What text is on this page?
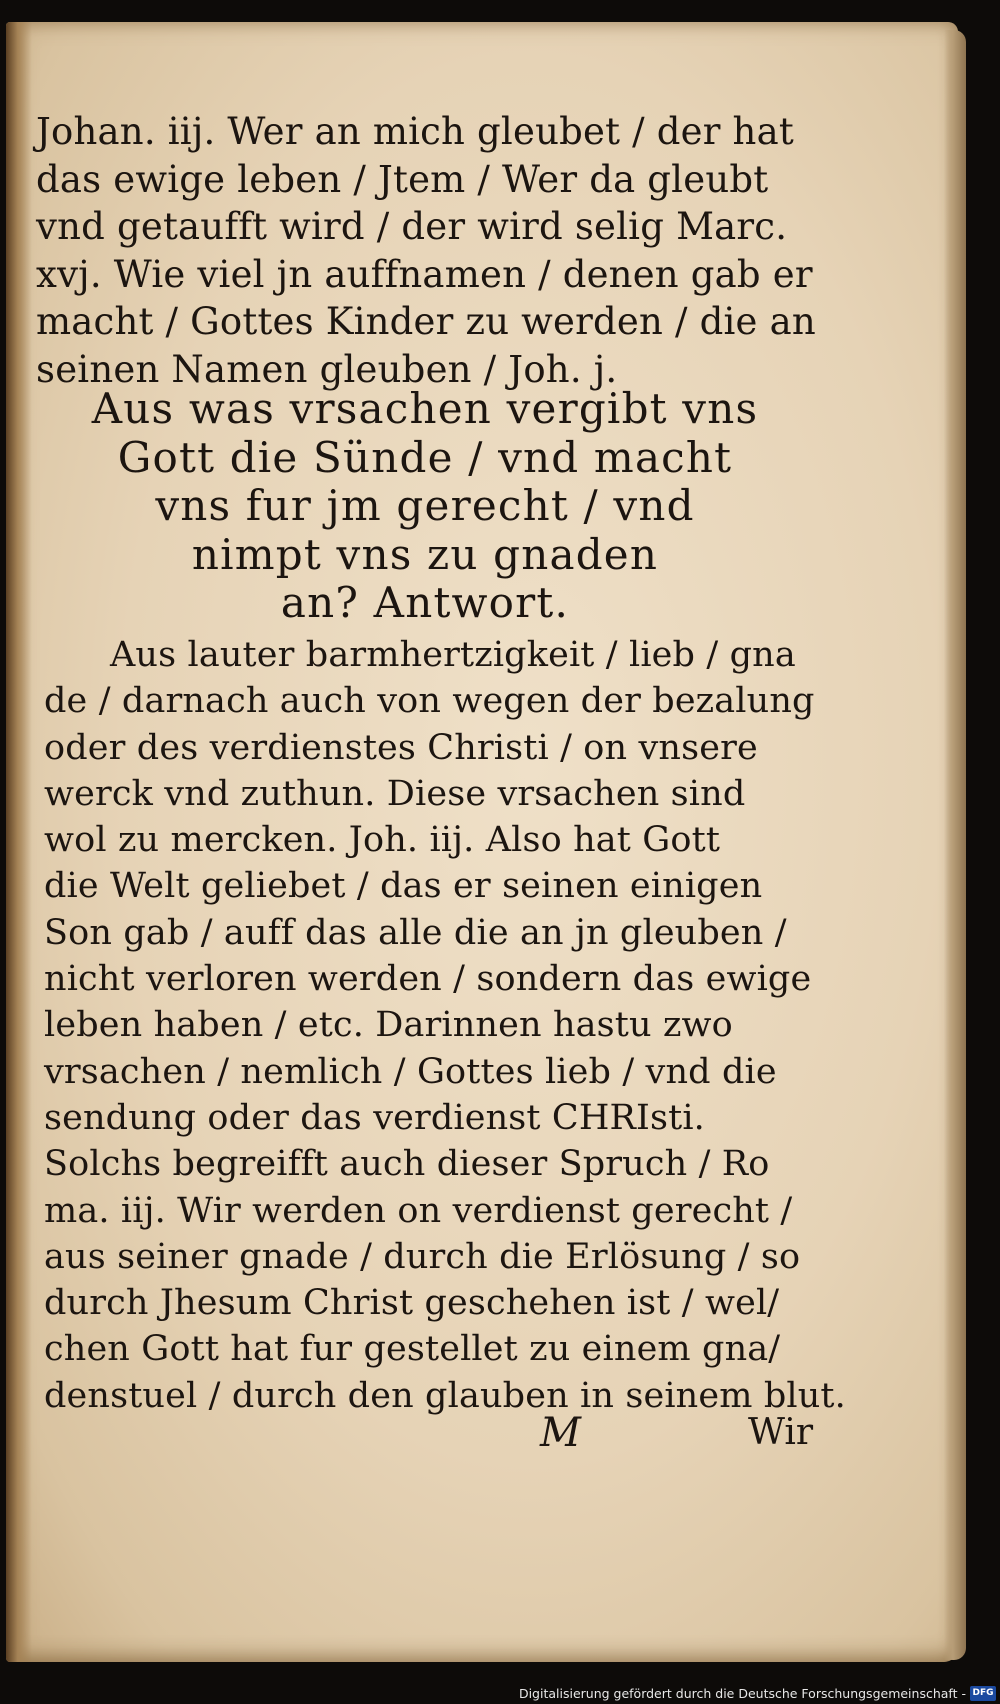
Johan. iij. Wer an mich gleubet / der hat
das ewige leben / Jtem / Wer da gleubt
vnd getaufft wird / der wird selig Marc.
xvj. Wie viel jn auffnamen / denen gab er
macht / Gottes Kinder zu werden / die an
seinen Namen gleuben / Joh. j.
Aus was vrsachen vergibt vns
Gott die Sünde / vnd macht
vns fur jm gerecht / vnd
nimpt vns zu gnaden
an? Antwort.
Aus lauter barmhertzigkeit / lieb / gna
de / darnach auch von wegen der bezalung
oder des verdienstes Christi / on vnsere
werck vnd zuthun. Diese vrsachen sind
wol zu mercken. Joh. iij. Also hat Gott
die Welt geliebet / das er seinen einigen
Son gab / auff das alle die an jn gleuben /
nicht verloren werden / sondern das ewige
leben haben / etc. Darinnen hastu zwo
vrsachen / nemlich / Gottes lieb / vnd die
sendung oder das verdienst CHRIsti.
Solchs begreifft auch dieser Spruch / Ro
ma. iij. Wir werden on verdienst gerecht /
aus seiner gnade / durch die Erlösung / so
durch Jhesum Christ geschehen ist / wel/
chen Gott hat fur gestellet zu einem gna/
denstuel / durch den glauben in seinem blut.
M	Wir
Digitalisierung gefördert durch die Deutsche Forschungsgemeinschaft - DFG
